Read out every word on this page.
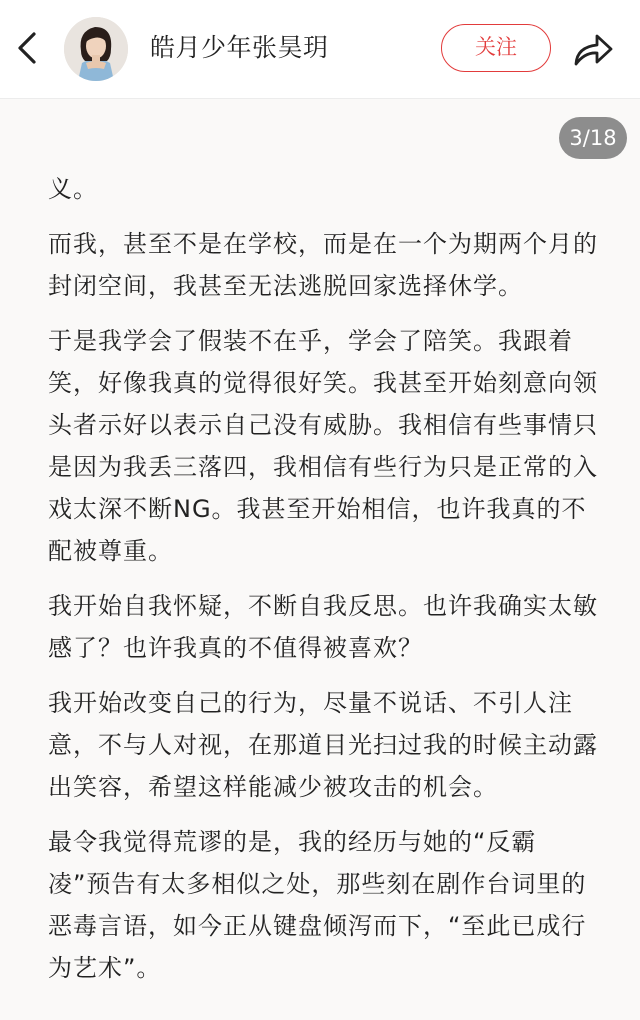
皓月少年张昊玥	关注
3/18

义。

而我，甚至不是在学校，而是在一个为期两个月的封闭空间，我甚至无法逃脱回家选择休学。

于是我学会了假装不在乎，学会了陪笑。我跟着笑，好像我真的觉得很好笑。我甚至开始刻意向领头者示好以表示自己没有威胁。我相信有些事情只是因为我丢三落四，我相信有些行为只是正常的入戏太深不断NG。我甚至开始相信，也许我真的不配被尊重。

我开始自我怀疑，不断自我反思。也许我确实太敏感了？也许我真的不值得被喜欢？

我开始改变自己的行为，尽量不说话、不引人注意，不与人对视，在那道目光扫过我的时候主动露出笑容，希望这样能减少被攻击的机会。

最令我觉得荒谬的是，我的经历与她的“反霸凌”预告有太多相似之处，那些刻在剧作台词里的恶毒言语，如今正从键盘倾泻而下，“至此已成行为艺术”。
